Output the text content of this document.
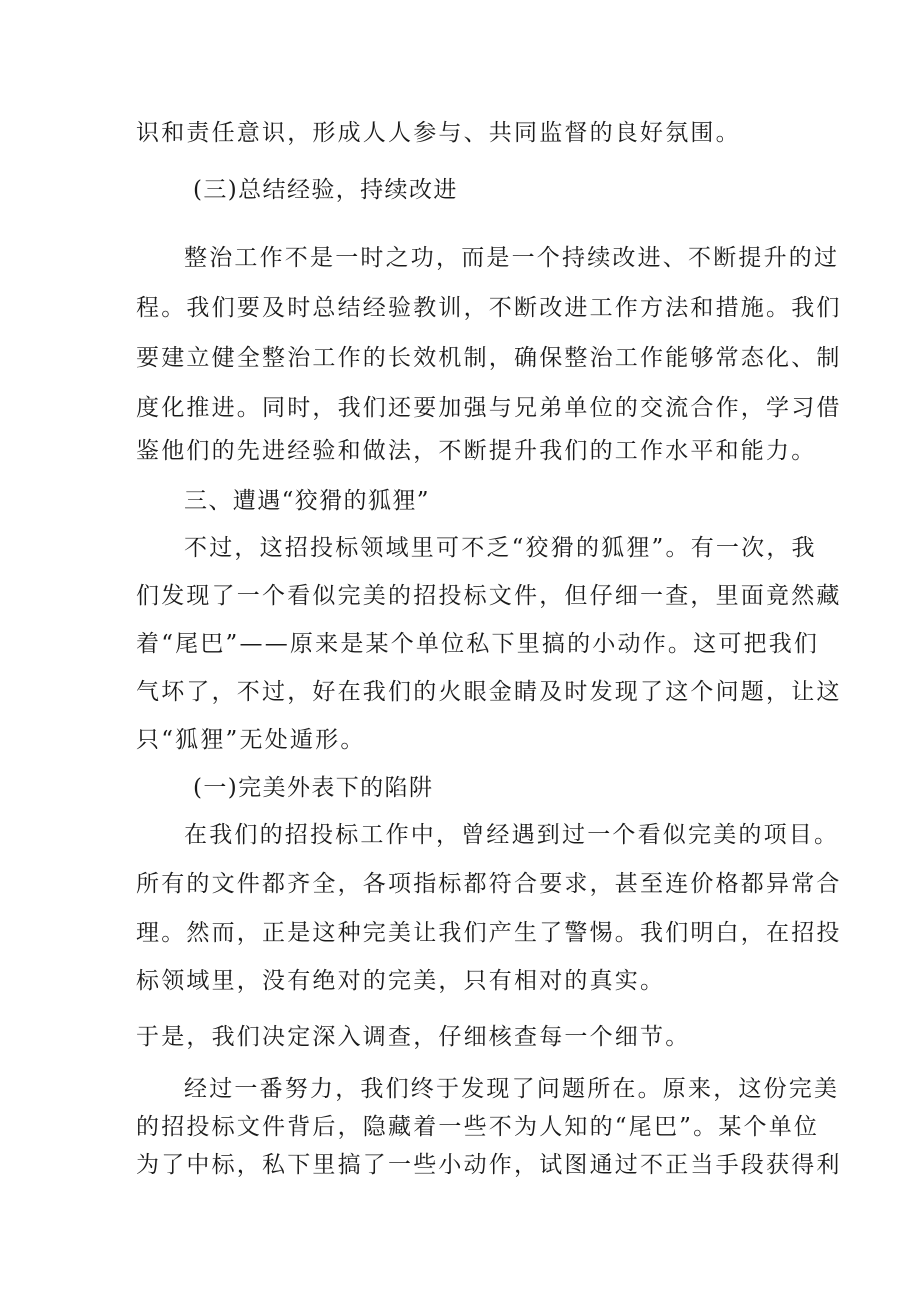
识和责任意识，形成人人参与、共同监督的良好氛围。
(三)总结经验，持续改进
整治工作不是一时之功，而是一个持续改进、不断提升的过
程。我们要及时总结经验教训，不断改进工作方法和措施。我们
要建立健全整治工作的长效机制，确保整治工作能够常态化、制
度化推进。同时，我们还要加强与兄弟单位的交流合作，学习借
鉴他们的先进经验和做法，不断提升我们的工作水平和能力。
三、遭遇“狡猾的狐狸”
不过，这招投标领域里可不乏“狡猾的狐狸”。有一次，我
们发现了一个看似完美的招投标文件，但仔细一查，里面竟然藏
着“尾巴”——原来是某个单位私下里搞的小动作。这可把我们
气坏了，不过，好在我们的火眼金睛及时发现了这个问题，让这
只“狐狸”无处遁形。
(一)完美外表下的陷阱
在我们的招投标工作中，曾经遇到过一个看似完美的项目。
所有的文件都齐全，各项指标都符合要求，甚至连价格都异常合
理。然而，正是这种完美让我们产生了警惕。我们明白，在招投
标领域里，没有绝对的完美，只有相对的真实。
于是，我们决定深入调查，仔细核查每一个细节。
经过一番努力，我们终于发现了问题所在。原来，这份完美
的招投标文件背后，隐藏着一些不为人知的“尾巴”。某个单位
为了中标，私下里搞了一些小动作，试图通过不正当手段获得利
